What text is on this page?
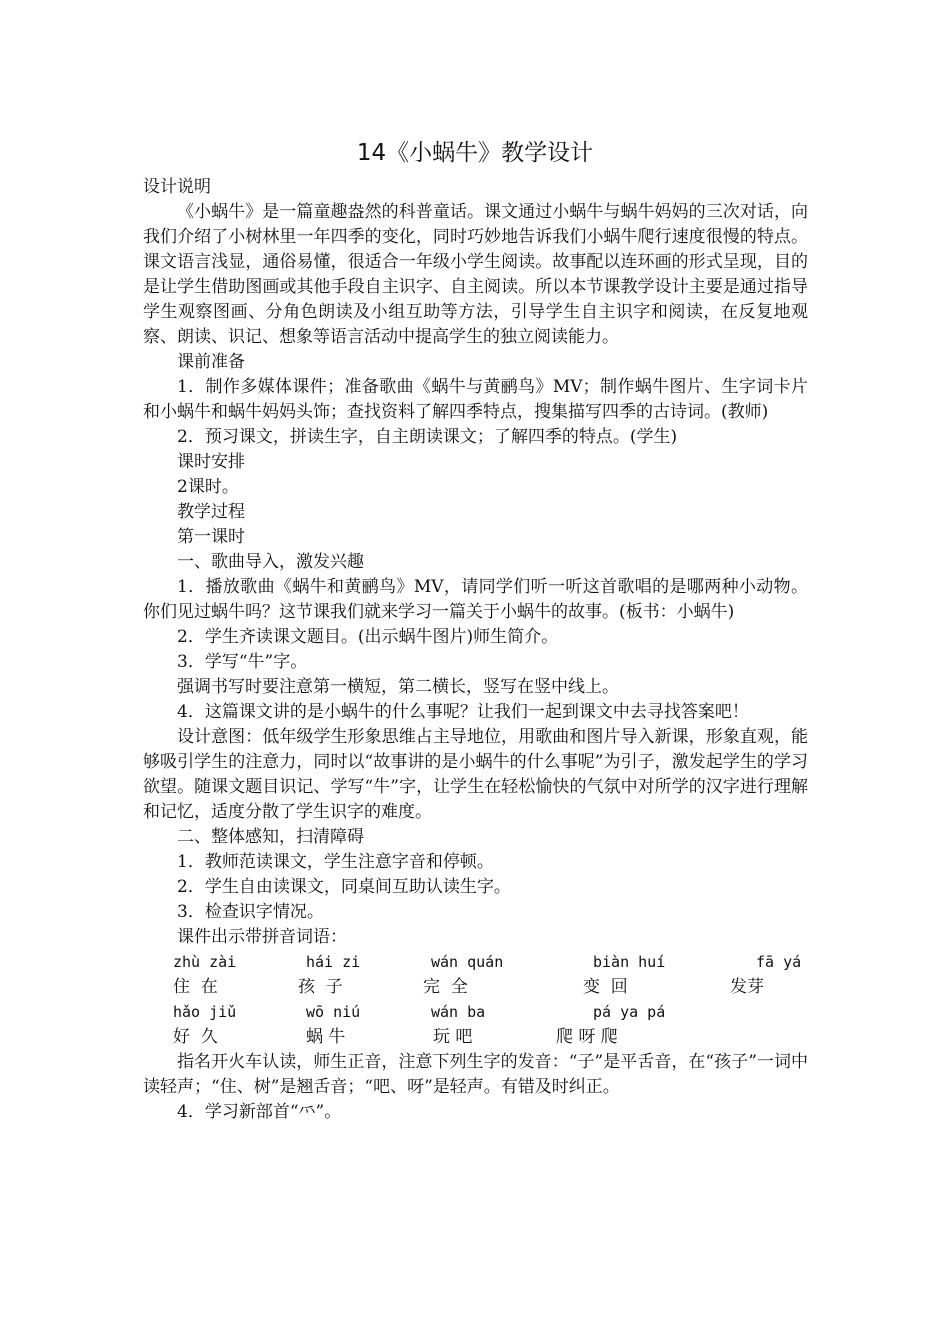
14《小蜗牛》教学设计

设计说明

《小蜗牛》是一篇童趣盎然的科普童话。课文通过小蜗牛与蜗牛妈妈的三次对话，向我们介绍了小树林里一年四季的变化，同时巧妙地告诉我们小蜗牛爬行速度很慢的特点。课文语言浅显，通俗易懂，很适合一年级小学生阅读。故事配以连环画的形式呈现，目的是让学生借助图画或其他手段自主识字、自主阅读。所以本节课教学设计主要是通过指导学生观察图画、分角色朗读及小组互助等方法，引导学生自主识字和阅读，在反复地观察、朗读、识记、想象等语言活动中提高学生的独立阅读能力。

课前准备

1．制作多媒体课件；准备歌曲《蜗牛与黄鹂鸟》MV；制作蜗牛图片、生字词卡片和小蜗牛和蜗牛妈妈头饰；查找资料了解四季特点，搜集描写四季的古诗词。(教师)

2．预习课文，拼读生字，自主朗读课文；了解四季的特点。(学生)

课时安排

2课时。

教学过程

第一课时

一、歌曲导入，激发兴趣

1．播放歌曲《蜗牛和黄鹂鸟》MV，请同学们听一听这首歌唱的是哪两种小动物。你们见过蜗牛吗？这节课我们就来学习一篇关于小蜗牛的故事。(板书：小蜗牛)

2．学生齐读课文题目。(出示蜗牛图片)师生简介。

3．学写“牛”字。

强调书写时要注意第一横短，第二横长，竖写在竖中线上。

4．这篇课文讲的是小蜗牛的什么事呢？让我们一起到课文中去寻找答案吧！

设计意图：低年级学生形象思维占主导地位，用歌曲和图片导入新课，形象直观，能够吸引学生的注意力，同时以“故事讲的是小蜗牛的什么事呢”为引子，激发起学生的学习欲望。随课文题目识记、学写“牛”字，让学生在轻松愉快的气氛中对所学的汉字进行理解和记忆，适度分散了学生识字的难度。

二、整体感知，扫清障碍

1．教师范读课文，学生注意字音和停顿。

2．学生自由读课文，同桌间互助认读生字。

3．检查识字情况。

课件出示带拼音词语：

zhù zài	hái zi	wán quán	biàn huí	fā yá
住  在	孩  子	完  全	变  回	发芽
hǎo jiǔ	wō niú	wán ba	pá ya pá
好  久	蜗 牛	玩 吧	爬 呀 爬

指名开火车认读，师生正音，注意下列生字的发音：“子”是平舌音，在“孩子”一词中读轻声；“住、树”是翘舌音；“吧、呀”是轻声。有错及时纠正。

4．学习新部首“⺤”。
